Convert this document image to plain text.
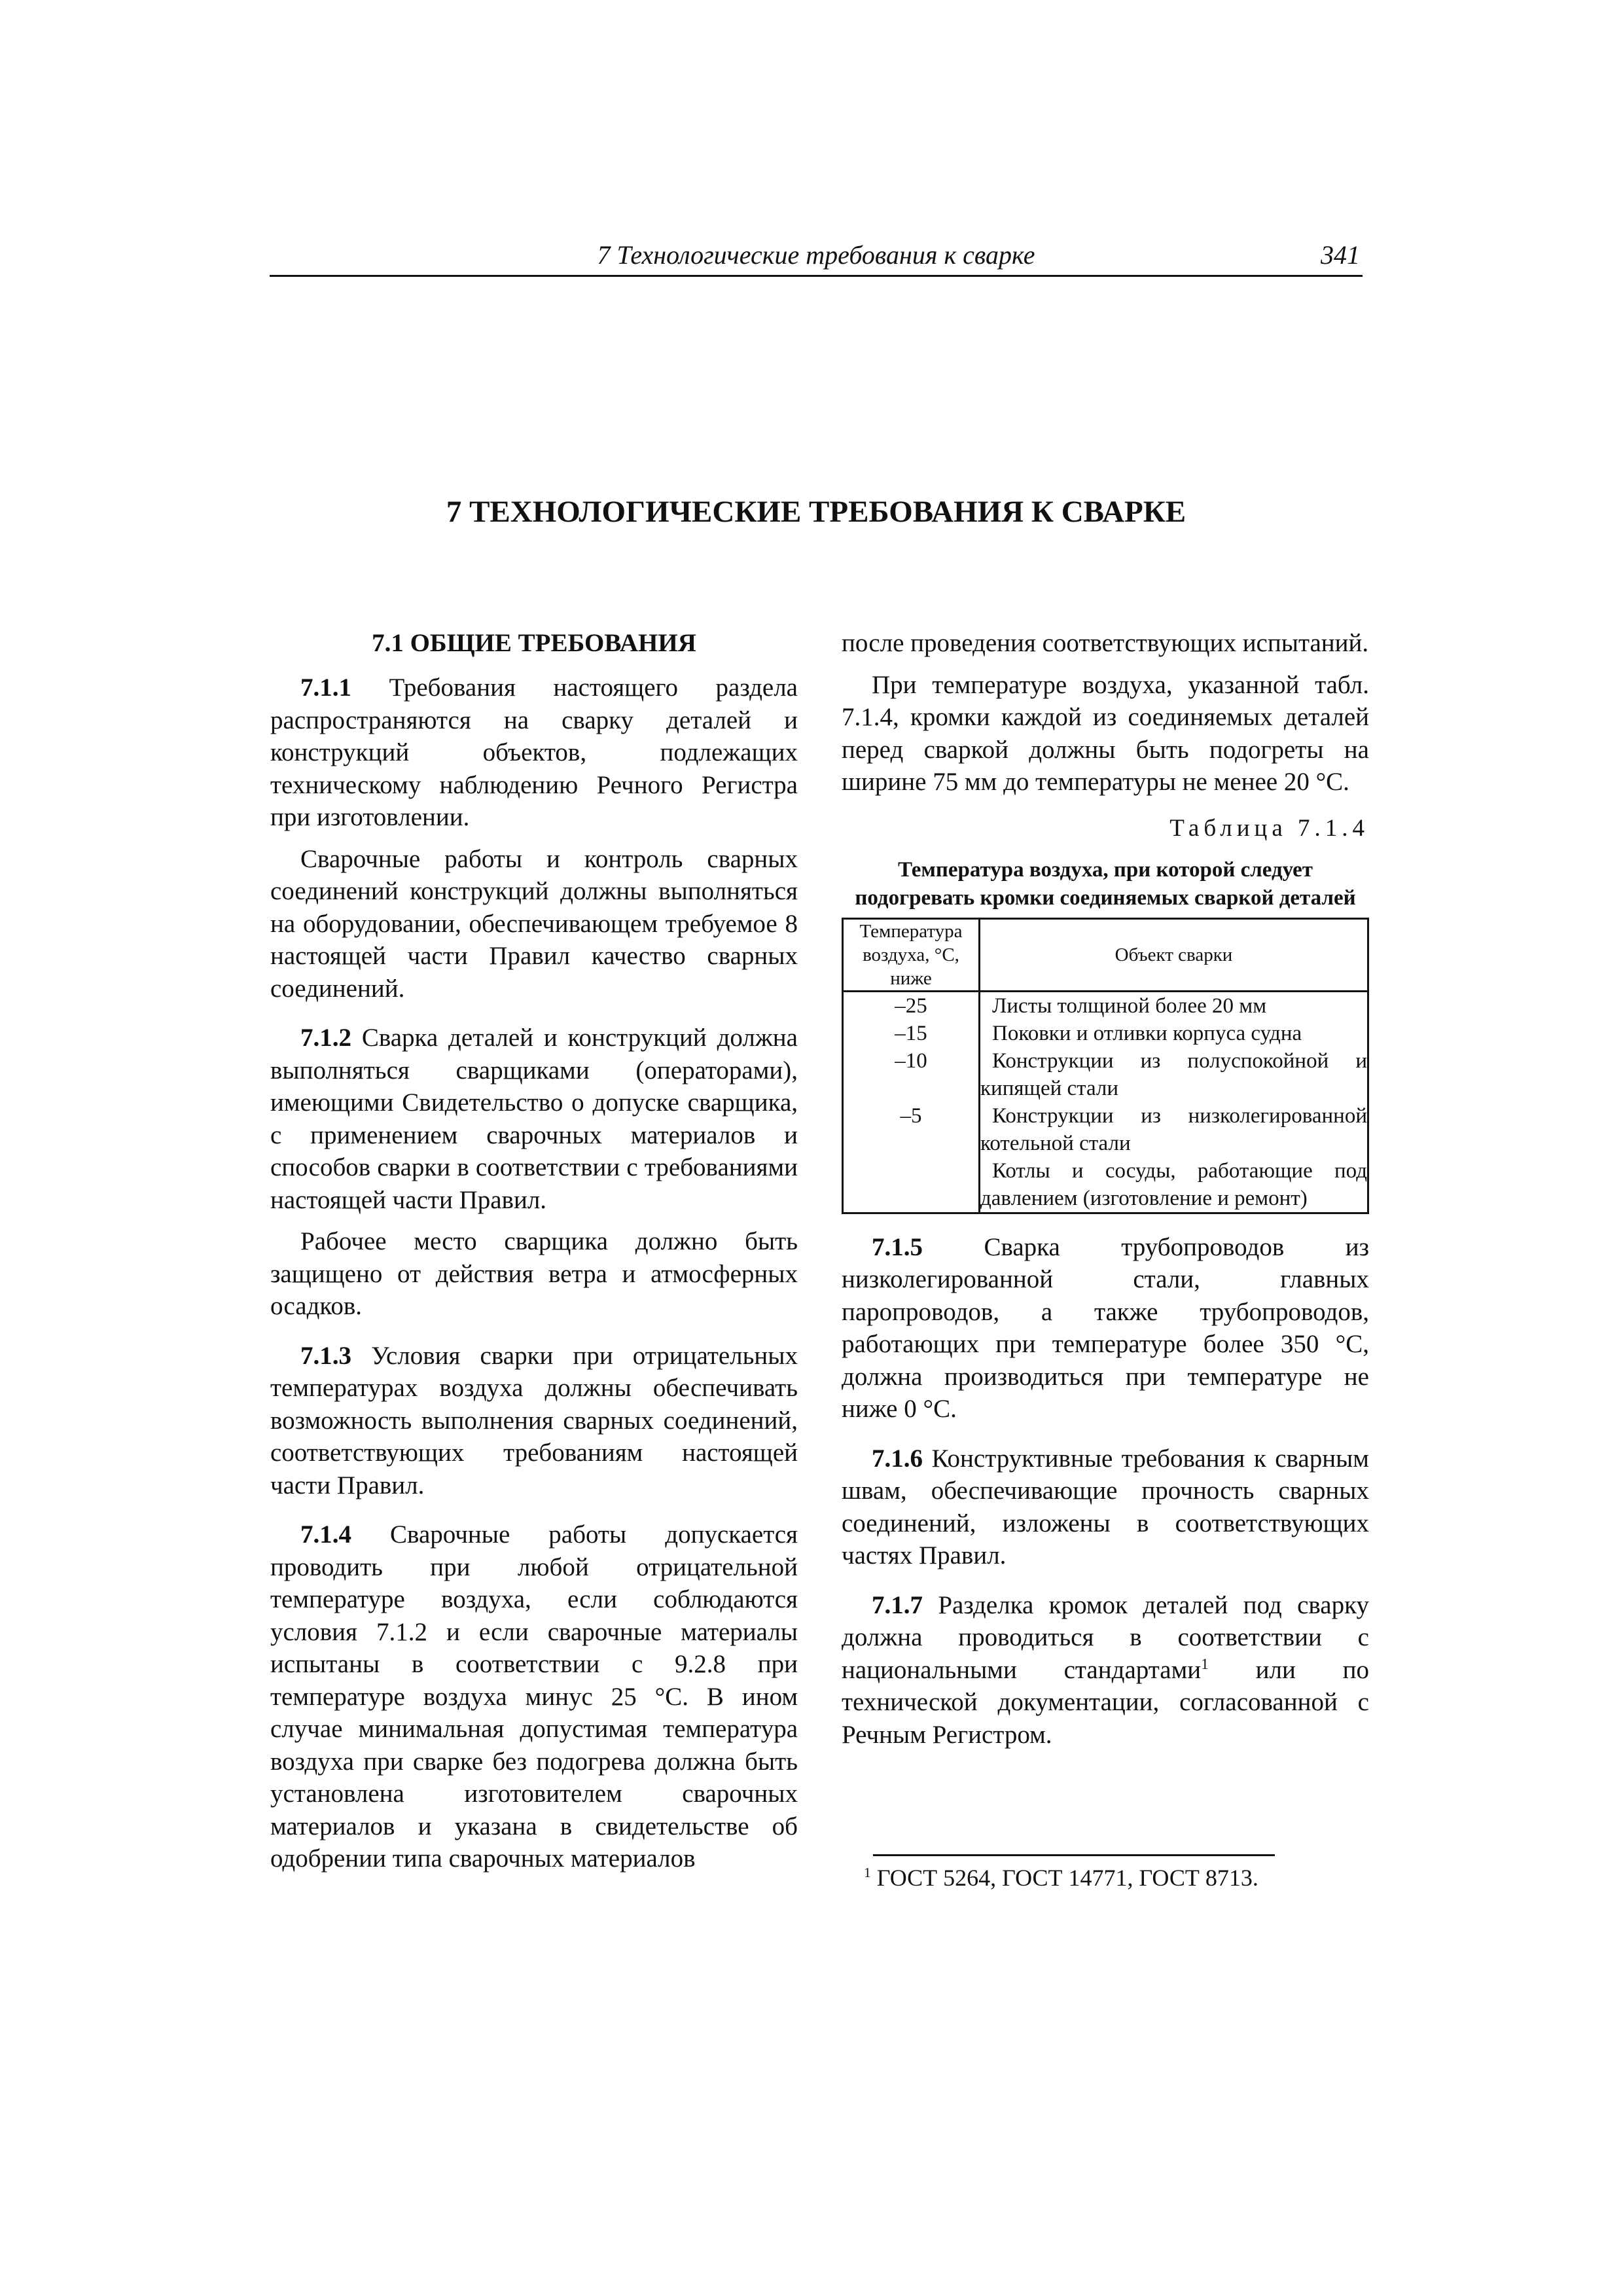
7 Технологические требования к сварке	341
7 ТЕХНОЛОГИЧЕСКИЕ ТРЕБОВАНИЯ К СВАРКЕ
7.1 ОБЩИЕ ТРЕБОВАНИЯ

7.1.1 Требования настоящего раздела распространяются на сварку деталей и конструкций объектов, подлежащих техническому наблюдению Речного Регистра при изготовлении.

Сварочные работы и контроль сварных соединений конструкций должны выполняться на оборудовании, обеспечивающем требуемое 8 настоящей части Правил качество сварных соединений.

7.1.2 Сварка деталей и конструкций должна выполняться сварщиками (операторами), имеющими Свидетельство о допуске сварщика, с применением сварочных материалов и способов сварки в соответствии с требованиями настоящей части Правил.

Рабочее место сварщика должно быть защищено от действия ветра и атмосферных осадков.

7.1.3 Условия сварки при отрицательных температурах воздуха должны обеспечивать возможность выполнения сварных соединений, соответствующих требованиям настоящей части Правил.

7.1.4 Сварочные работы допускается проводить при любой отрицательной температуре воздуха, если соблюдаются условия 7.1.2 и если сварочные материалы испытаны в соответствии с 9.2.8 при температуре воздуха минус 25 °С. В ином случае минимальная допустимая температура воздуха при сварке без подогрева должна быть установлена изготовителем сварочных материалов и указана в свидетельстве об одобрении типа сварочных материалов

после проведения соответствующих испытаний.

При температуре воздуха, указанной табл. 7.1.4, кромки каждой из соединяемых деталей перед сваркой должны быть подогреты на ширине 75 мм до температуры не менее 20 °С.

Таблица 7.1.4
Температура воздуха, при которой следует подогревать кромки соединяемых сваркой деталей
Температура воздуха, °С, ниже	Объект сварки
–25	Листы толщиной более 20 мм
–15	Поковки и отливки корпуса судна
–10	Конструкции из полуспокойной и кипящей стали
–5	Конструкции из низколегированной котельной стали
	Котлы и сосуды, работающие под давлением (изготовление и ремонт)

7.1.5 Сварка трубопроводов из низколегированной стали, главных паропроводов, а также трубопроводов, работающих при температуре более 350 °С, должна производиться при температуре не ниже 0 °С.

7.1.6 Конструктивные требования к сварным швам, обеспечивающие прочность сварных соединений, изложены в соответствующих частях Правил.

7.1.7 Разделка кромок деталей под сварку должна проводиться в соответствии с национальными стандартами$^1$ или по технической документации, согласованной с Речным Регистром.

$^1$ ГОСТ 5264, ГОСТ 14771, ГОСТ 8713.
